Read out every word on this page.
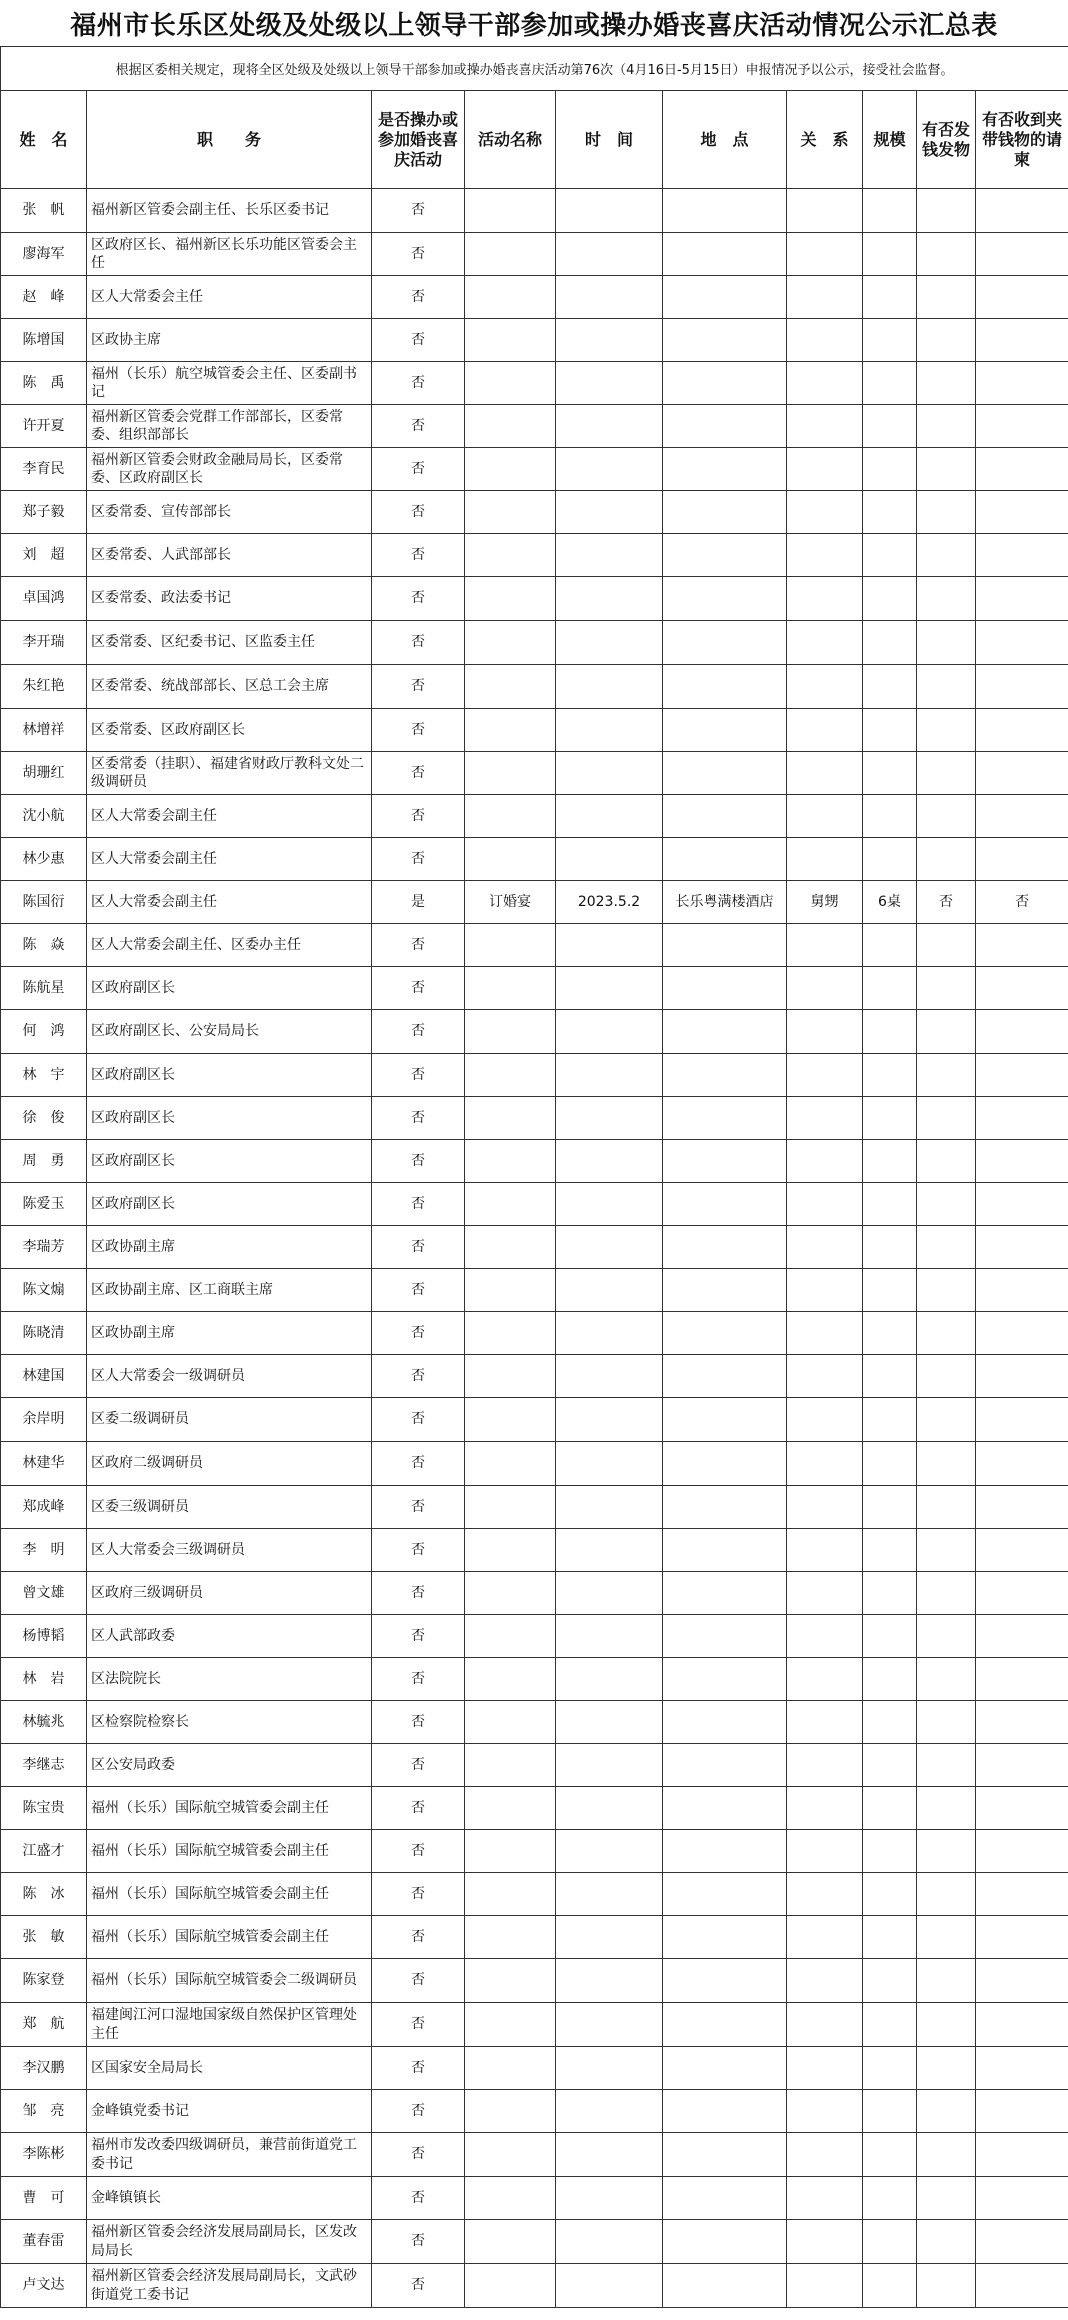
福州市长乐区处级及处级以上领导干部参加或操办婚丧喜庆活动情况公示汇总表
根据区委相关规定，现将全区处级及处级以上领导干部参加或操办婚丧喜庆活动第76次（4月16日-5月15日）申报情况予以公示，接受社会监督。									
姓　名	职　　务	是否操办或参加婚丧喜庆活动	活动名称	时　间	地　点	关　系	规模	有否发钱发物	有否收到夹带钱物的请柬
张　帆	福州新区管委会副主任、长乐区委书记	否							
廖海军	区政府区长、福州新区长乐功能区管委会主任	否							
赵　峰	区人大常委会主任	否							
陈增国	区政协主席	否							
陈　禹	福州（长乐）航空城管委会主任、区委副书记	否							
许开夏	福州新区管委会党群工作部部长，区委常委、组织部部长	否							
李育民	福州新区管委会财政金融局局长，区委常委、区政府副区长	否							
郑子毅	区委常委、宣传部部长	否							
刘　超	区委常委、人武部部长	否							
卓国鸿	区委常委、政法委书记	否							
李开瑞	区委常委、区纪委书记、区监委主任	否							
朱红艳	区委常委、统战部部长、区总工会主席	否							
林增祥	区委常委、区政府副区长	否							
胡珊红	区委常委（挂职）、福建省财政厅教科文处二级调研员	否							
沈小航	区人大常委会副主任	否							
林少惠	区人大常委会副主任	否							
陈国衍	区人大常委会副主任	是	订婚宴	2023.5.2	长乐粤满楼酒店	舅甥	6桌	否	否
陈　焱	区人大常委会副主任、区委办主任	否							
陈航星	区政府副区长	否							
何　鸿	区政府副区长、公安局局长	否							
林　宇	区政府副区长	否							
徐　俊	区政府副区长	否							
周　勇	区政府副区长	否							
陈爱玉	区政府副区长	否							
李瑞芳	区政协副主席	否							
陈文煽	区政协副主席、区工商联主席	否							
陈晓清	区政协副主席	否							
林建国	区人大常委会一级调研员	否							
余岸明	区委二级调研员	否							
林建华	区政府二级调研员	否							
郑成峰	区委三级调研员	否							
李　明	区人大常委会三级调研员	否							
曾文雄	区政府三级调研员	否							
杨博韬	区人武部政委	否							
林　岩	区法院院长	否							
林毓兆	区检察院检察长	否							
李继志	区公安局政委	否							
陈宝贵	福州（长乐）国际航空城管委会副主任	否							
江盛才	福州（长乐）国际航空城管委会副主任	否							
陈　冰	福州（长乐）国际航空城管委会副主任	否							
张　敏	福州（长乐）国际航空城管委会副主任	否							
陈家登	福州（长乐）国际航空城管委会二级调研员	否							
郑　航	福建闽江河口湿地国家级自然保护区管理处主任	否							
李汉鹏	区国家安全局局长	否							
邹　亮	金峰镇党委书记	否							
李陈彬	福州市发改委四级调研员，兼营前街道党工委书记	否							
曹　可	金峰镇镇长	否							
董春雷	福州新区管委会经济发展局副局长，区发改局局长	否							
卢文达	福州新区管委会经济发展局副局长，文武砂街道党工委书记	否							
